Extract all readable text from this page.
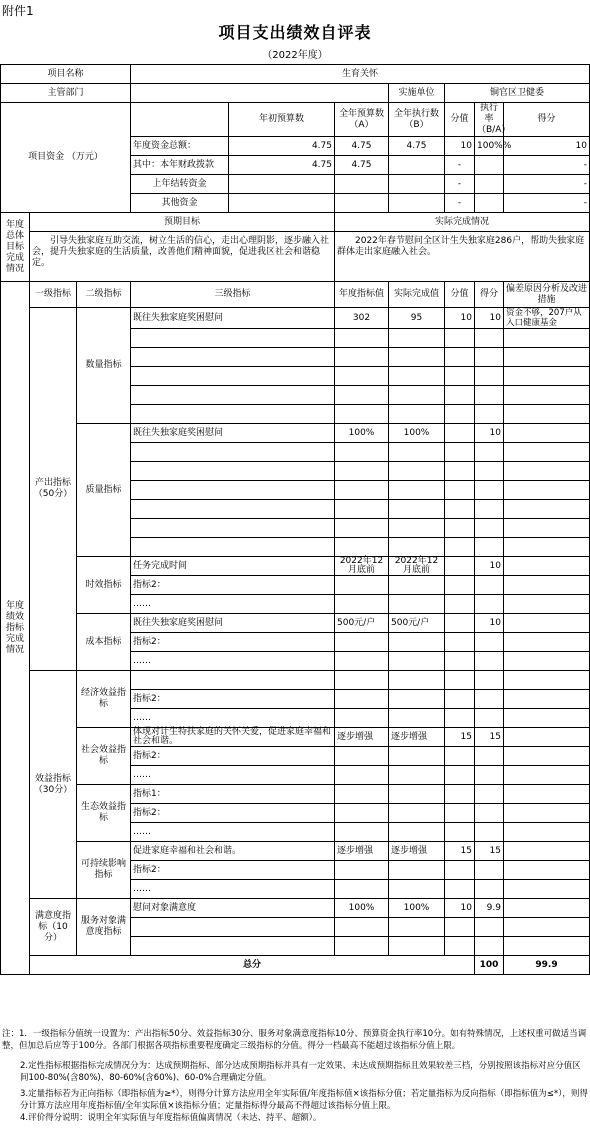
附件1
项目支出绩效自评表
（2022年度）
项目名称			生育关怀							
主管部门						实施单位	铜官区卫健委			
项目资金 （万元）				年初预算数	全年预算数（A）	全年执行数（B）	分值	执行率（B/A）	得分	
			年度资金总额：	4.75	4.75	4.75	10	100%%	10	
			其中：本年财政拨款	4.75	4.75		-		-	
			上年结转资金				-		-	
			其他资金				-		-	
年度总体目标完成情况	预期目标				实际完成情况					
	引导失独家庭互助交流，树立生活的信心，走出心理阴影，逐步融入社会，提升失独家庭的生活质量，改善他们精神面貌，促进我区社会和谐稳定。				2022年春节慰问全区计生失独家庭286户，帮助失独家庭群体走出家庭融入社会。					
年度绩效指标完成情况	一级指标	二级指标	三级指标		年度指标值	实际完成值	分值	得分	偏差原因分析及改进措施	
	产出指标（50分）	数量指标	既往失独家庭奖困慰问		302	95	10	10	资金不够，207户从入口健康基金	

		质量指标	既往失独家庭奖困慰问		100%	100%		10		

		时效指标	任务完成时间		2022年12月底前	2022年12月底前		10		
			指标2：							
			……							
		成本指标	既往失独家庭奖困慰问		500元/户	500元/户		10		
			指标2：							
			……							
	效益指标（30分）	经济效益指标								
			指标2：							
			……							
		社会效益指标	体现对计生特扶家庭的关怀关爱，促进家庭幸福和社会和谐。		逐步增强	逐步增强	15	15		
			指标2：							
			……							
		生态效益指标	指标1：							
			指标2：							
			……							
		可持续影响指标	促进家庭幸福和社会和谐。		逐步增强	逐步增强	15	15		
			指标2：							
			……							
	满意度指标（10分）	服务对象满意度指标	慰问对象满意度		100%	100%	10	9.9		

	总分							100	99.9	

注：1．一级指标分值统一设置为：产出指标50分、效益指标30分、服务对象满意度指标10分、预算资金执行率10分。如有特殊情况，上述权重可做适当调整，但加总后应等于100分。各部门根据各项指标重要程度确定三级指标的分值。得分一档最高不能超过该指标分值上限。

2.定性指标根据指标完成情况分为：达成预期指标、部分达成预期指标并具有一定效果、未达成预期指标且效果较差三档，分别按照该指标对应分值区间100-80%(含80%)、80-60%(含60%)、60-0%合理确定分值。

3.定量指标若为正向指标（即指标值为≥*），则得分计算方法应用全年实际值/年度指标值×该指标分值；若定量指标为反向指标（即指标值为≤*），则得分计算方法应用年度指标值/全年实际值×该指标分值；定量指标得分最高不得超过该指标分值上限。

4.评价得分说明：说明全年实际值与年度指标值偏离情况（未达、持平、超额）。
